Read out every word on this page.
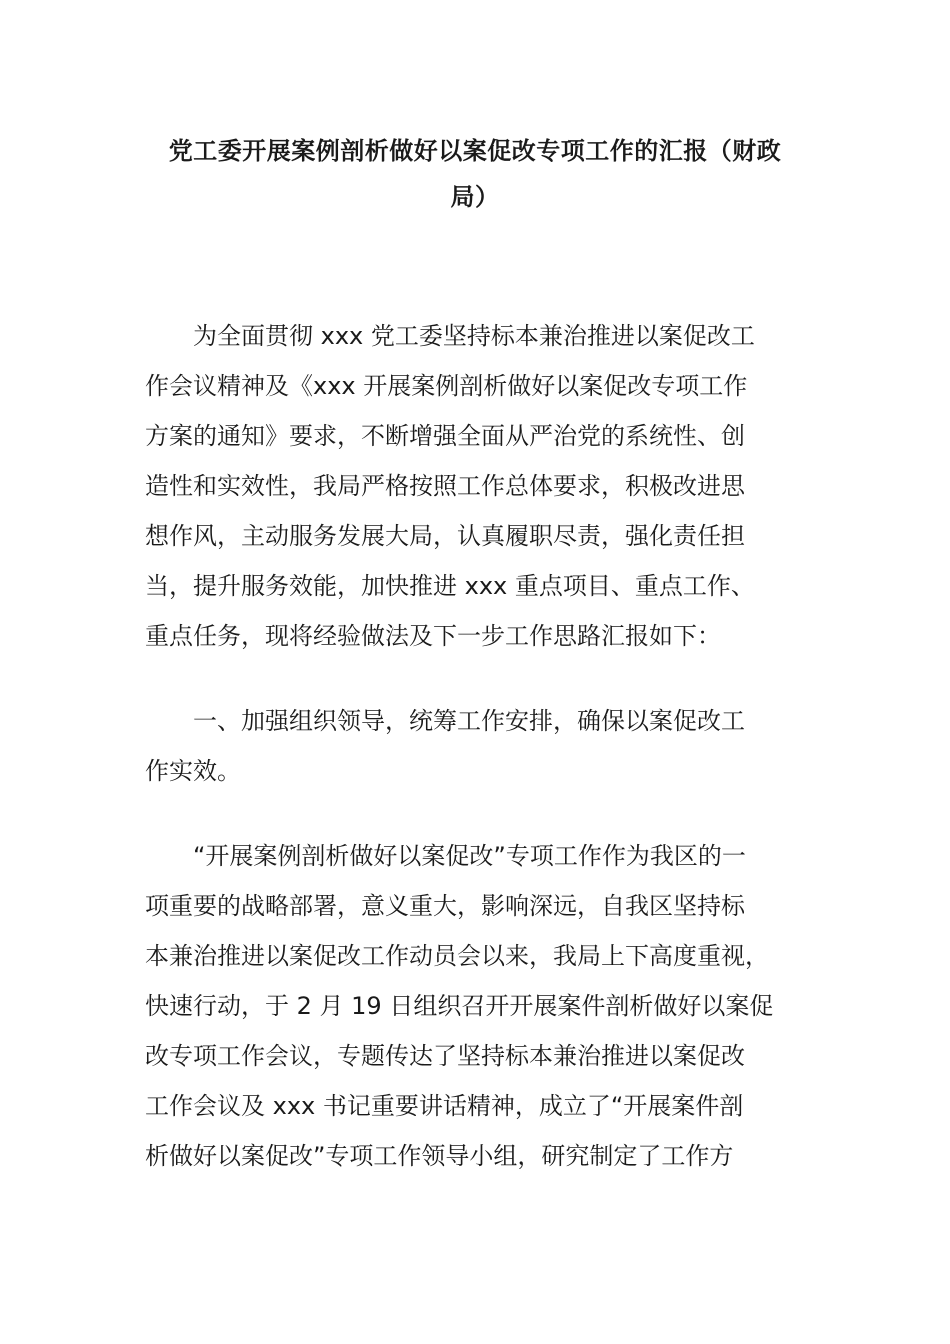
党工委开展案例剖析做好以案促改专项工作的汇报（财政
局）
为全面贯彻 xxx 党工委坚持标本兼治推进以案促改工
作会议精神及《xxx 开展案例剖析做好以案促改专项工作
方案的通知》要求，不断增强全面从严治党的系统性、创
造性和实效性，我局严格按照工作总体要求，积极改进思
想作风，主动服务发展大局，认真履职尽责，强化责任担
当，提升服务效能，加快推进 xxx 重点项目、重点工作、
重点任务，现将经验做法及下一步工作思路汇报如下：
一、加强组织领导，统筹工作安排，确保以案促改工
作实效。
“开展案例剖析做好以案促改”专项工作作为我区的一
项重要的战略部署，意义重大，影响深远，自我区坚持标
本兼治推进以案促改工作动员会以来，我局上下高度重视，
快速行动，于 2 月 19 日组织召开开展案件剖析做好以案促
改专项工作会议，专题传达了坚持标本兼治推进以案促改
工作会议及 xxx 书记重要讲话精神，成立了“开展案件剖
析做好以案促改”专项工作领导小组，研究制定了工作方
